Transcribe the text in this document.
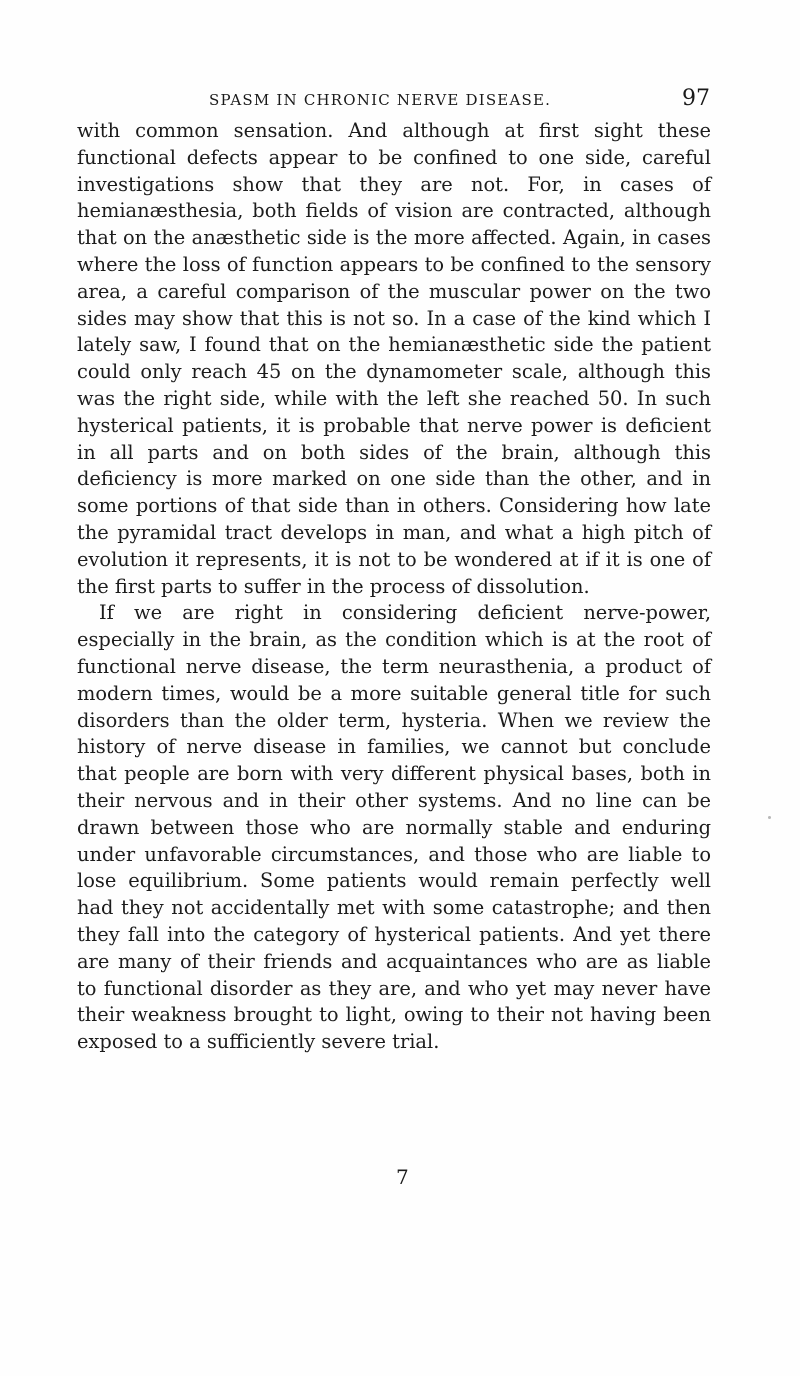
SPASM IN CHRONIC NERVE DISEASE.	97

with common sensation. And although at first sight these functional defects appear to be confined to one side, careful investigations show that they are not. For, in cases of hemianæsthesia, both fields of vision are contracted, although that on the anæsthetic side is the more affected. Again, in cases where the loss of function appears to be confined to the sensory area, a careful comparison of the muscular power on the two sides may show that this is not so. In a case of the kind which I lately saw, I found that on the hemianæsthetic side the patient could only reach 45 on the dynamometer scale, although this was the right side, while with the left she reached 50. In such hysterical patients, it is probable that nerve power is deficient in all parts and on both sides of the brain, although this deficiency is more marked on one side than the other, and in some portions of that side than in others. Considering how late the pyramidal tract develops in man, and what a high pitch of evolution it represents, it is not to be wondered at if it is one of the first parts to suffer in the process of dissolution.

If we are right in considering deficient nerve-power, especially in the brain, as the condition which is at the root of functional nerve disease, the term neurasthenia, a product of modern times, would be a more suitable general title for such disorders than the older term, hysteria. When we review the history of nerve disease in families, we cannot but conclude that people are born with very different physical bases, both in their nervous and in their other systems. And no line can be drawn between those who are normally stable and enduring under unfavorable circumstances, and those who are liable to lose equilibrium. Some patients would remain perfectly well had they not accidentally met with some catastrophe; and then they fall into the category of hysterical patients. And yet there are many of their friends and acquaintances who are as liable to functional disorder as they are, and who yet may never have their weakness brought to light, owing to their not having been exposed to a sufficiently severe trial.

7
